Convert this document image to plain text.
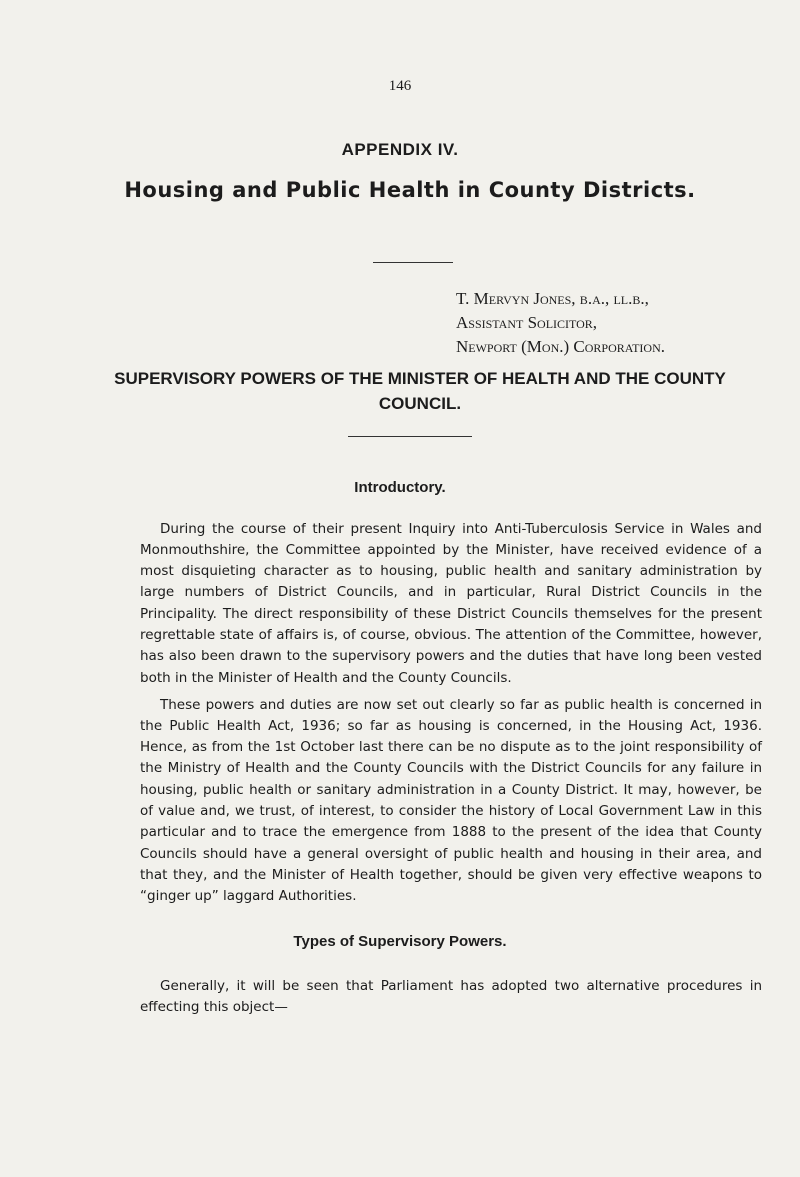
146
APPENDIX IV.
Housing and Public Health in County Districts.
T. Mervyn Jones, b.a., ll.b.,
Assistant Solicitor,
Newport (Mon.) Corporation.
SUPERVISORY POWERS OF THE MINISTER OF HEALTH AND THE COUNTY COUNCIL.
Introductory.

During the course of their present Inquiry into Anti-Tuberculosis Service in Wales and Monmouthshire, the Committee appointed by the Minister, have received evidence of a most disquieting character as to housing, public health and sanitary administration by large numbers of District Councils, and in particular, Rural District Councils in the Principality. The direct responsibility of these District Councils themselves for the present regrettable state of affairs is, of course, obvious. The attention of the Committee, however, has also been drawn to the supervisory powers and the duties that have long been vested both in the Minister of Health and the County Councils.

These powers and duties are now set out clearly so far as public health is concerned in the Public Health Act, 1936; so far as housing is concerned, in the Housing Act, 1936. Hence, as from the 1st October last there can be no dispute as to the joint responsibility of the Ministry of Health and the County Councils with the District Councils for any failure in housing, public health or sanitary administration in a County District. It may, however, be of value and, we trust, of interest, to consider the history of Local Government Law in this particular and to trace the emergence from 1888 to the present of the idea that County Councils should have a general oversight of public health and housing in their area, and that they, and the Minister of Health together, should be given very effective weapons to “ginger up” laggard Authorities.

Types of Supervisory Powers.

Generally, it will be seen that Parliament has adopted two alternative procedures in effecting this object—
